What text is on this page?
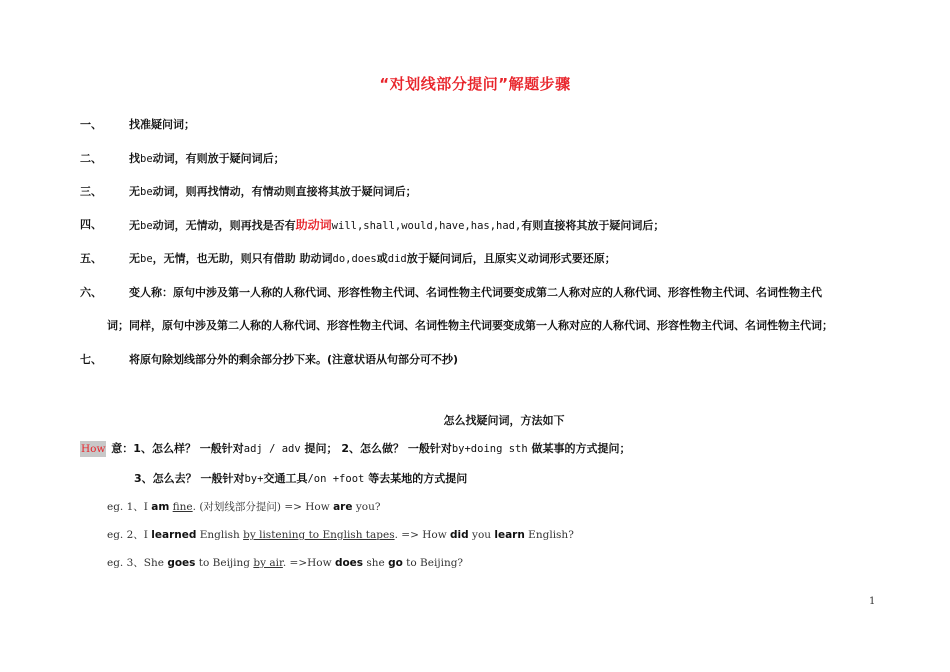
“对划线部分提问”解题步骤
一、 找准疑问词；
二、 找be动词，有则放于疑问词后；
三、 无be动词，则再找情动，有情动则直接将其放于疑问词后；
四、 无be动词，无情动，则再找是否有助动词will,shall,would,have,has,had,有则直接将其放于疑问词后；
五、 无be，无情，也无助，则只有借助 助动词do,does或did放于疑问词后，且原实义动词形式要还原；
六、 变人称：原句中涉及第一人称的人称代词、形容性物主代词、名词性物主代词要变成第二人称对应的人称代词、形容性物主代词、名词性物主代
词；同样，原句中涉及第二人称的人称代词、形容性物主代词、名词性物主代词要变成第一人称对应的人称代词、形容性物主代词、名词性物主代词；
七、 将原句除划线部分外的剩余部分抄下来。(注意状语从句部分可不抄)
怎么找疑问词，方法如下
How 意：1、怎么样？ 一般针对adj / adv 提问； 2、怎么做？ 一般针对by+doing sth 做某事的方式提问；
3、怎么去？ 一般针对by+交通工具/on +foot 等去某地的方式提问
eg. 1、I am fine. (对划线部分提问) => How are you?
eg. 2、I learned English by listening to English tapes. => How did you learn English?
eg. 3、She goes to Beijing by air. =>How does she go to Beijing?
1
